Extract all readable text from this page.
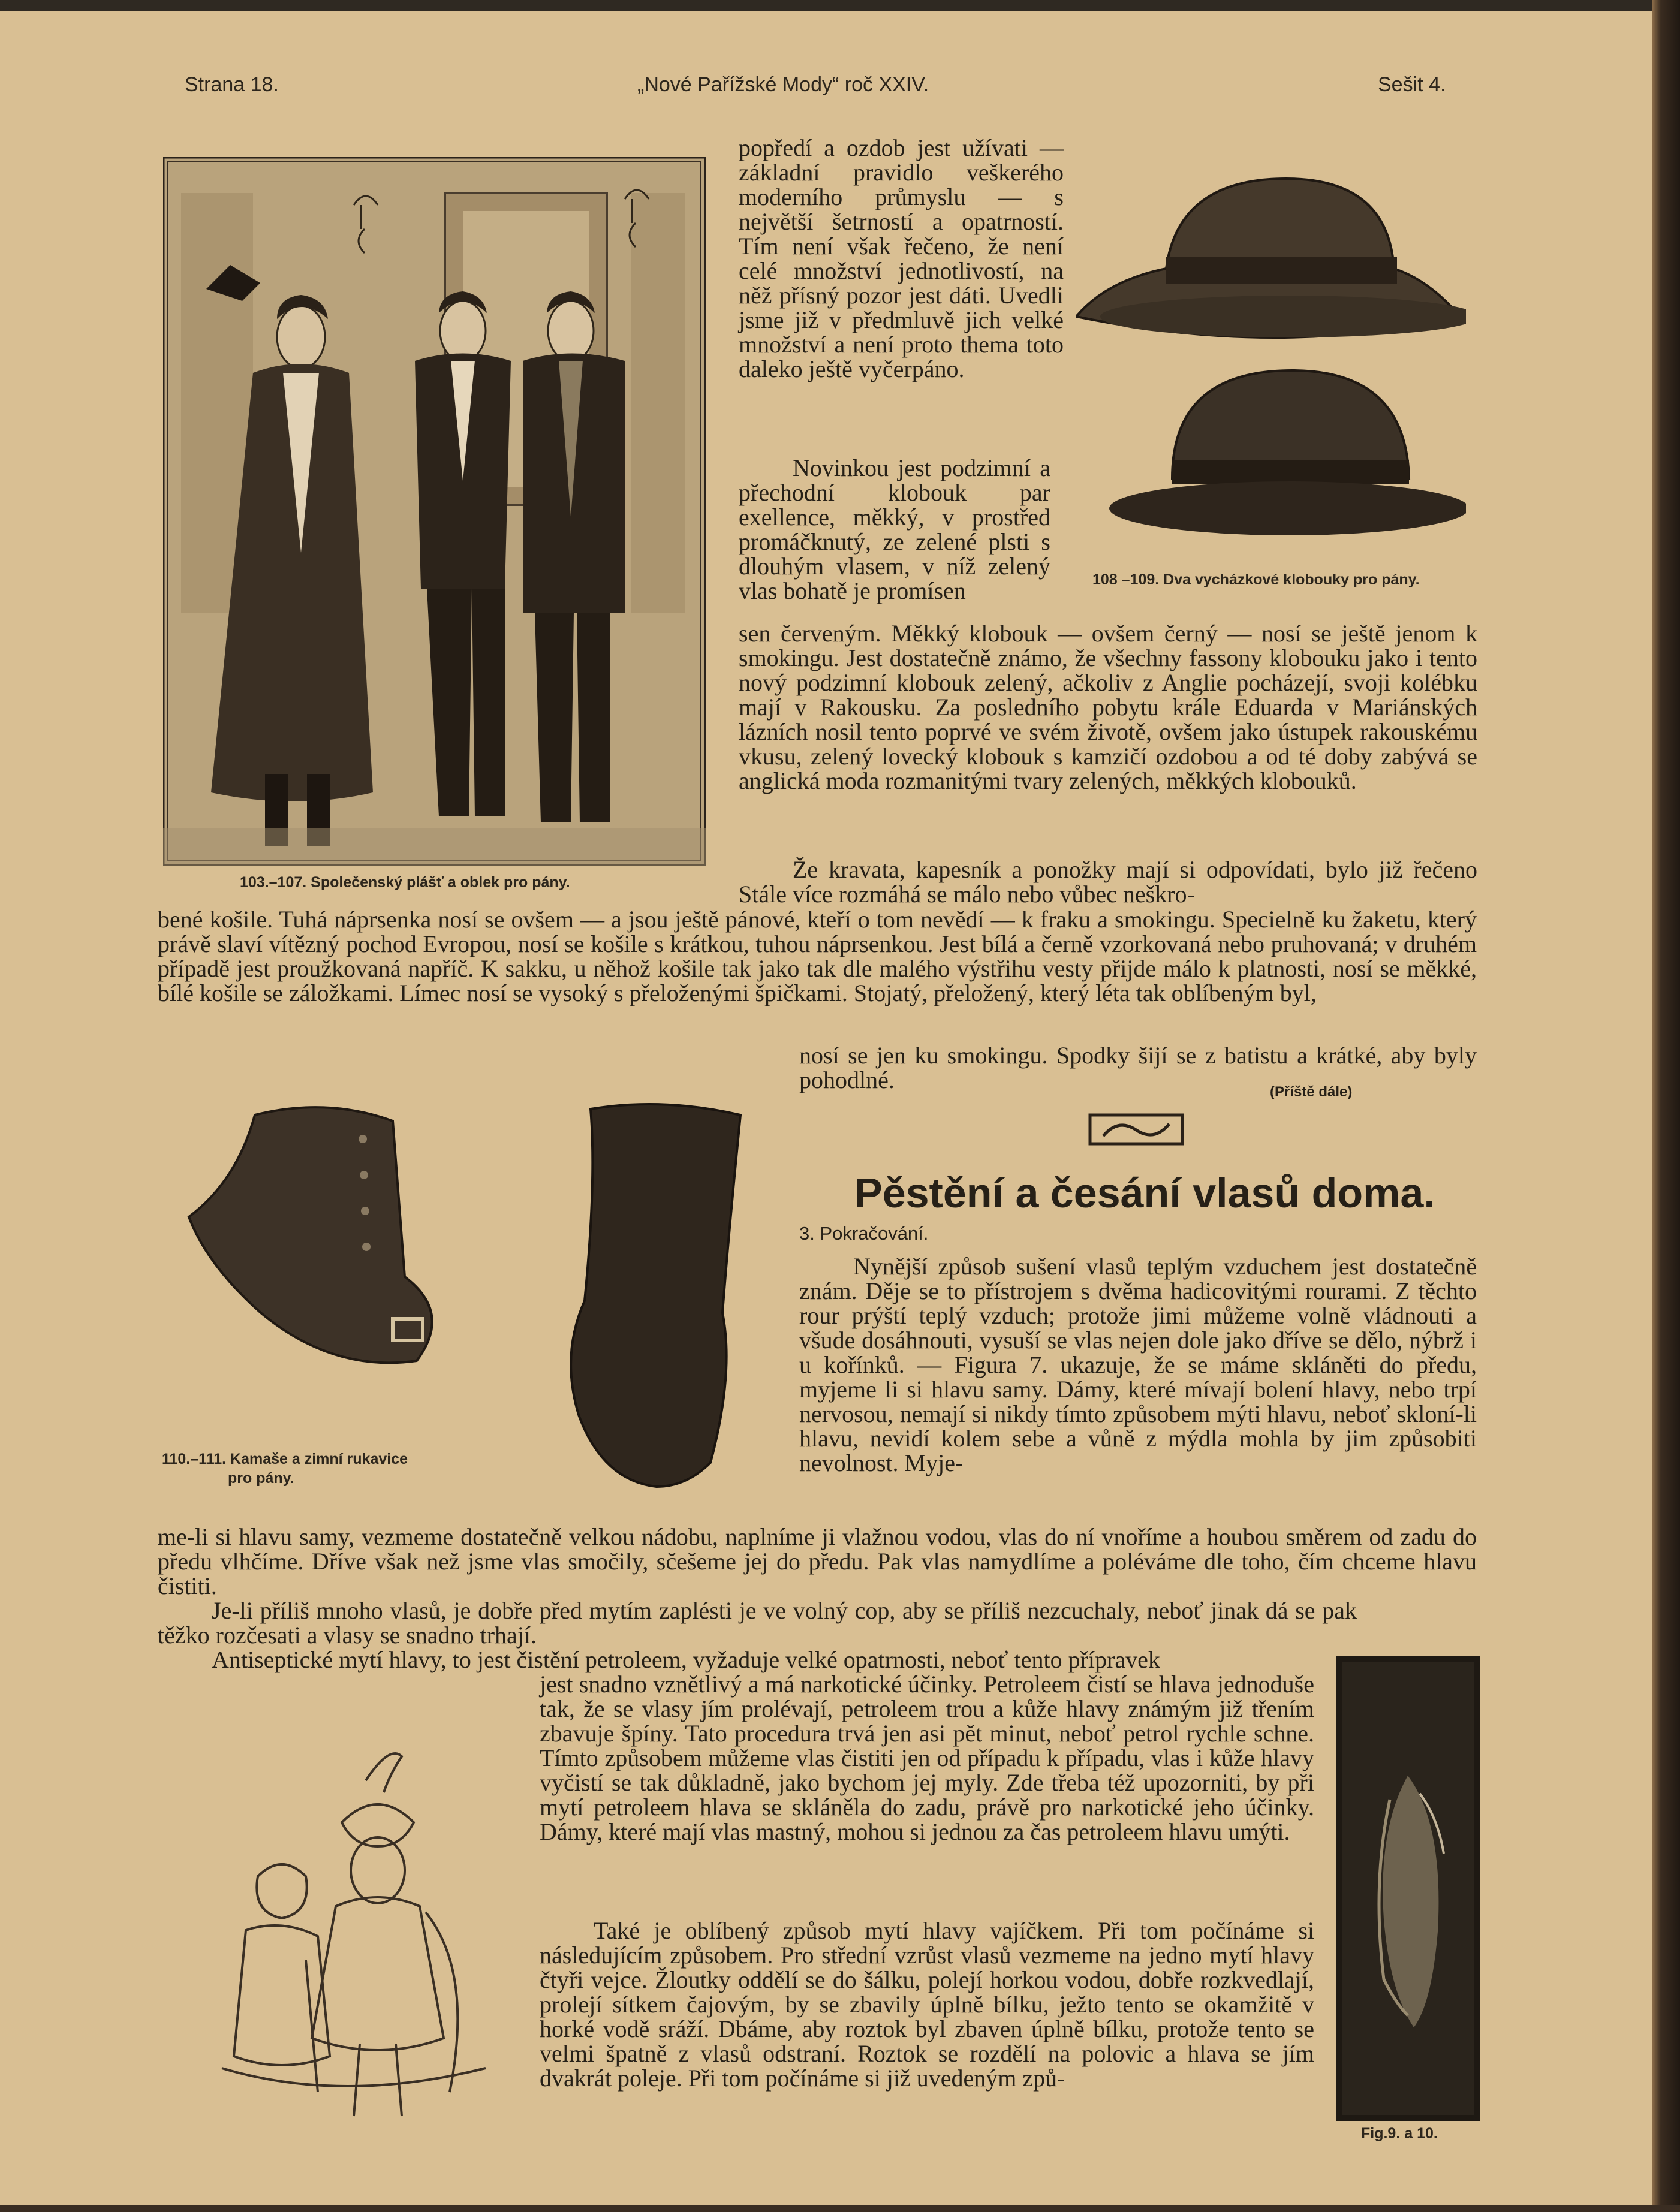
Strana 18.	„Nové Pařížské Mody“ roč XXIV.	Sešit 4.
103.–107. Společenský plášť a oblek pro pány.
108 –109. Dva vycházkové klobouky pro pány.

popředí a ozdob jest užívati — základní pravidlo veškerého moderního průmyslu — s největší šetrností a opatrností. Tím není však řečeno, že není celé množství jednotlivostí, na něž přísný pozor jest dáti. Uvedli jsme již v předmluvě jich velké množství a není proto thema toto daleko ještě vyčerpáno.

Novinkou jest podzimní a přechodní klobouk par exellence, měkký, v prostřed promáčknutý, ze zelené plsti s dlouhým vlasem, v níž zelený vlas bohatě je promísen

sen červeným. Měkký klobouk — ovšem černý — nosí se ještě jenom k smokingu. Jest dostatečně známo, že všechny fassony klobouku jako i tento nový podzimní klobouk zelený, ačkoliv z Anglie pocházejí, svoji kolébku mají v Rakousku. Za posledního pobytu krále Eduarda v Mariánských lázních nosil tento poprvé ve svém životě, ovšem jako ústupek rakouskému vkusu, zelený lovecký klobouk s kamzičí ozdobou a od té doby zabývá se anglická moda rozmanitými tvary zelených, měkkých klobouků.

Že kravata, kapesník a ponožky mají si odpovídati, bylo již řečeno Stále více rozmáhá se málo nebo vůbec neškro-

bené košile. Tuhá náprsenka nosí se ovšem — a jsou ještě pánové, kteří o tom nevědí — k fraku a smokingu. Specielně ku žaketu, který právě slaví vítězný pochod Evropou, nosí se košile s krátkou, tuhou náprsenkou. Jest bílá a černě vzorkovaná nebo pruhovaná; v druhém případě jest proužkovaná napříč. K sakku, u něhož košile tak jako tak dle malého výstřihu vesty přijde málo k platnosti, nosí se měkké, bílé košile se záložkami. Límec nosí se vysoký s přeloženými špičkami. Stojatý, přeložený, který léta tak oblíbeným byl,

nosí se jen ku smokingu. Spodky šijí se z batistu a krátké, aby byly pohodlné.	(Příště dále)
110.–111. Kamaše a zimní rukavice
pro pány.
Pěstění a česání vlasů doma.
3. Pokračování.

Nynější způsob sušení vlasů teplým vzduchem jest dostatečně znám. Děje se to přístrojem s dvěma hadicovitými rourami. Z těchto rour prýští teplý vzduch; protože jimi můžeme volně vládnouti a všude dosáhnouti, vysuší se vlas nejen dole jako dříve se dělo, nýbrž i u kořínků. — Figura 7. ukazuje, že se máme skláněti do předu, myjeme li si hlavu samy. Dámy, které mívají bolení hlavy, nebo trpí nervosou, nemají si nikdy tímto způsobem mýti hlavu, neboť skloní-li hlavu, nevidí kolem sebe a vůně z mýdla mohla by jim způsobiti nevolnost. Myje-

me-li si hlavu samy, vezmeme dostatečně velkou nádobu, naplníme ji vlažnou vodou, vlas do ní vnoříme a houbou směrem od zadu do předu vlhčíme. Dříve však než jsme vlas smočily, sčešeme jej do předu. Pak vlas namydlíme a poléváme dle toho, čím chceme hlavu čistiti.

Je-li příliš mnoho vlasů, je dobře před mytím zaplésti je ve volný cop, aby se příliš nezcuchaly, neboť jinak dá se pak těžko rozčesati a vlasy se snadno trhají.

Antiseptické mytí hlavy, to jest čistění petroleem, vyžaduje velké opatrnosti, neboť tento přípravek

jest snadno vznětlivý a má narkotické účinky. Petroleem čistí se hlava jednoduše tak, že se vlasy jím prolévají, petroleem trou a kůže hlavy známým již třením zbavuje špíny. Tato procedura trvá jen asi pět minut, neboť petrol rychle schne. Tímto způsobem můžeme vlas čistiti jen od případu k případu, vlas i kůže hlavy vyčistí se tak důkladně, jako bychom jej myly. Zde třeba též upozorniti, by při mytí petroleem hlava se skláněla do zadu, právě pro narkotické jeho účinky. Dámy, které mají vlas mastný, mohou si jednou za čas petroleem hlavu umýti.

Také je oblíbený způsob mytí hlavy vajíčkem. Při tom počínáme si následujícím způsobem. Pro střední vzrůst vlasů vezmeme na jedno mytí hlavy čtyři vejce. Žloutky oddělí se do šálku, polejí horkou vodou, dobře rozkvedlají, prolejí sítkem čajovým, by se zbavily úplně bílku, ježto tento se okamžitě v horké vodě sráží. Dbáme, aby roztok byl zbaven úplně bílku, protože tento se velmi špatně z vlasů odstraní. Roztok se rozdělí na polovic a hlava se jím dvakrát poleje. Při tom počínáme si již uvedeným způ-

Fig.9. a 10.
